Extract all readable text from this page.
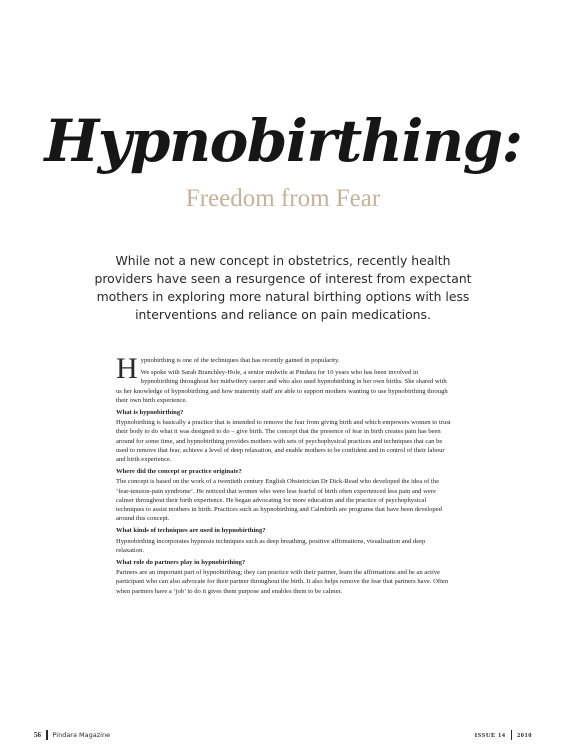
Hypnobirthing:
Freedom from Fear

While not a new concept in obstetrics, recently health providers have seen a resurgence of interest from expectant mothers in exploring more natural birthing options with less interventions and reliance on pain medications.

Hypnobirthing is one of the techniques that has recently gained in popularity.

We spoke with Sarah Branchley-Hole, a senior midwife at Pindara for 10 years who has been involved in hypnobirthing throughout her midwifery career and who also used hypnobirthing in her own births. She shared with us her knowledge of hypnobirthing and how maternity staff are able to support mothers wanting to use hypnobirthing through their own birth experience.

What is hypnobirthing?

Hypnobirthing is basically a practice that is intended to remove the fear from giving birth and which empowers women to trust their body to do what it was designed to do – give birth. The concept that the presence of fear in birth creates pain has been around for some time, and hypnobirthing provides mothers with sets of psychophysical practices and techniques that can be used to remove that fear, achieve a level of deep relaxation, and enable mothers to be confident and in control of their labour and birth experience.

Where did the concept or practice originate?

The concept is based on the work of a twentieth century English Obstetrician Dr Dick-Read who developed the idea of the ‘fear-tension-pain syndrome’. He noticed that women who were less fearful of birth often experienced less pain and were calmer throughout their birth experience. He began advocating for more education and the practice of psychophysical techniques to assist mothers in birth. Practices such as hypnobirthing and Calmbirth are programs that have been developed around this concept.

What kinds of techniques are used in hypnobirthing?

Hypnobirthing incorporates hypnosis techniques such as deep breathing, positive affirmations, visualisation and deep relaxation.

What role do partners play in hypnobirthing?

Partners are an important part of hypnobirthing; they can practice with their partner, learn the affirmations and be an active participant who can also advocate for their partner throughout the birth. It also helps remove the fear that partners have. Often when partners have a ‘job’ to do it gives them purpose and enables them to be calmer.

56 Pindara Magazine	ISSUE 14 2010
